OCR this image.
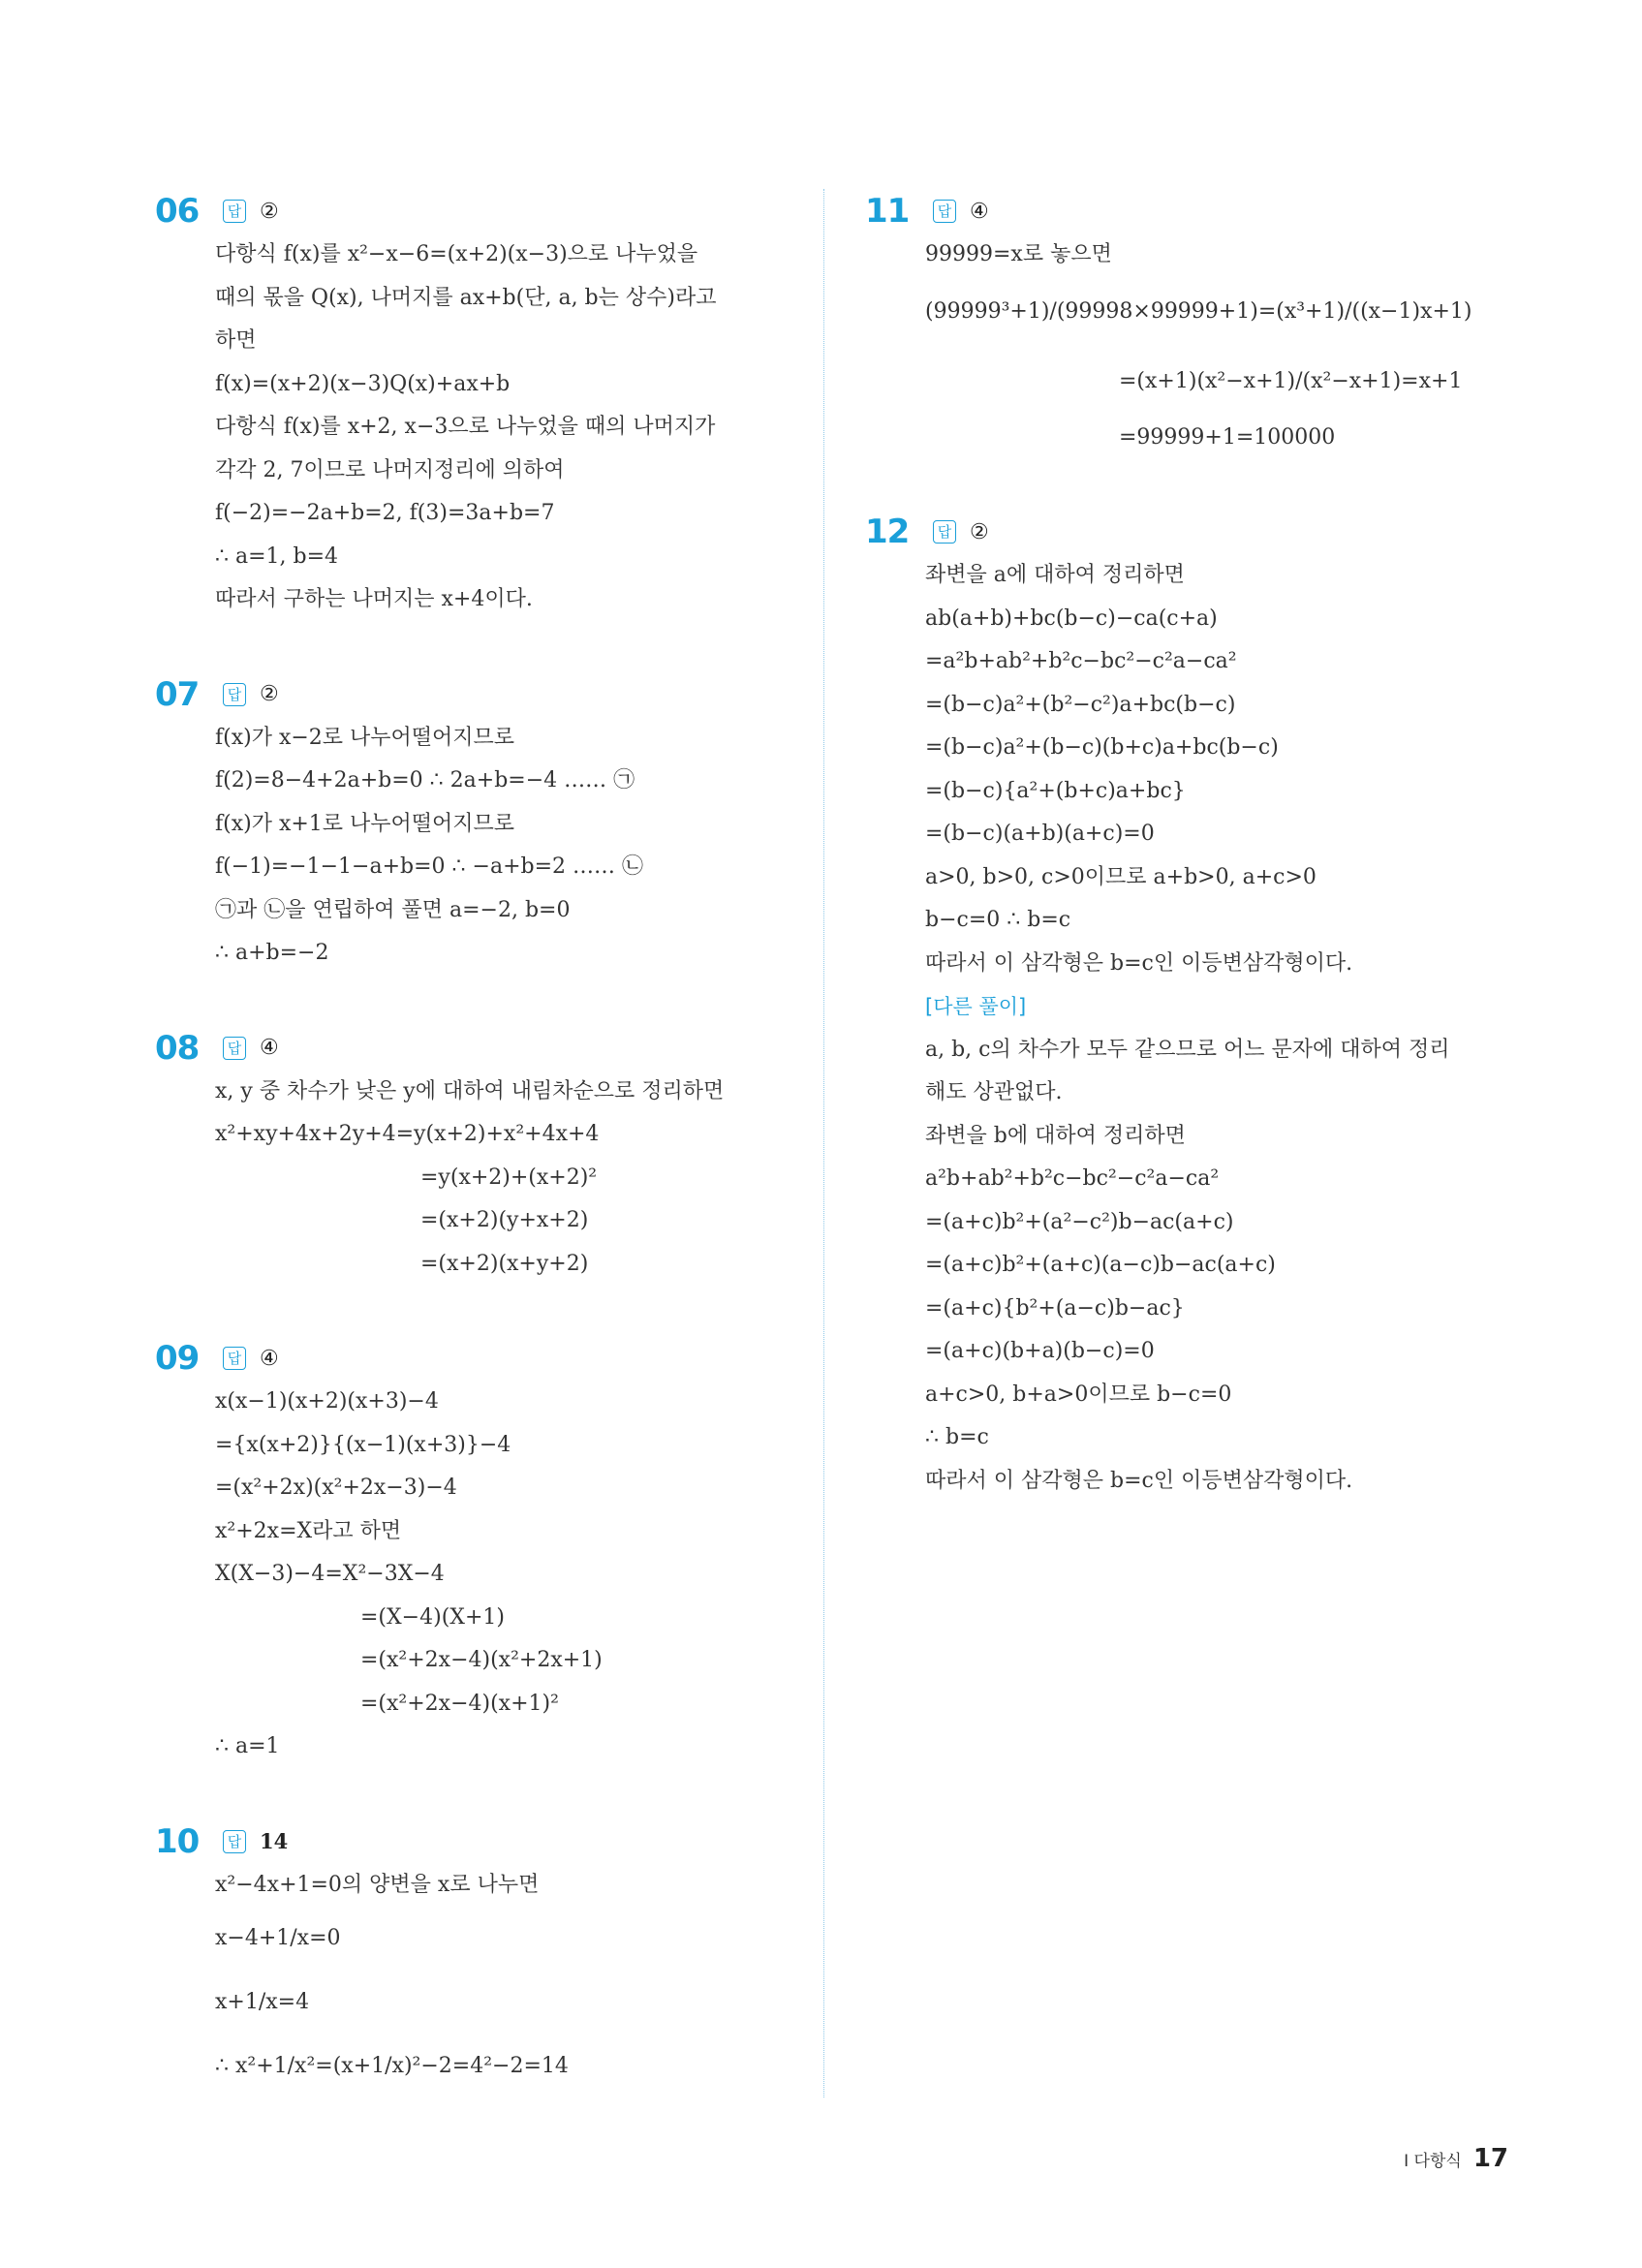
06	답 ②
다항식 f(x)를 x²−x−6=(x+2)(x−3)으로 나누었을
때의 몫을 Q(x), 나머지를 ax+b(단, a, b는 상수)라고
하면
f(x)=(x+2)(x−3)Q(x)+ax+b
다항식 f(x)를 x+2, x−3으로 나누었을 때의 나머지가
각각 2, 7이므로 나머지정리에 의하여
f(−2)=−2a+b=2, f(3)=3a+b=7
∴ a=1, b=4
따라서 구하는 나머지는 x+4이다.
07	답 ②
f(x)가 x−2로 나누어떨어지므로
f(2)=8−4+2a+b=0 ∴ 2a+b=−4 …… ㉠
f(x)가 x+1로 나누어떨어지므로
f(−1)=−1−1−a+b=0 ∴ −a+b=2 …… ㉡
㉠과 ㉡을 연립하여 풀면 a=−2, b=0
∴ a+b=−2
08	답 ④
x, y 중 차수가 낮은 y에 대하여 내림차순으로 정리하면
x²+xy+4x+2y+4=y(x+2)+x²+4x+4
=y(x+2)+(x+2)²
=(x+2)(y+x+2)
=(x+2)(x+y+2)
09	답 ④
x(x−1)(x+2)(x+3)−4
={x(x+2)}{(x−1)(x+3)}−4
=(x²+2x)(x²+2x−3)−4
x²+2x=X라고 하면
X(X−3)−4=X²−3X−4
=(X−4)(X+1)
=(x²+2x−4)(x²+2x+1)
=(x²+2x−4)(x+1)²
∴ a=1
10	답 14
x²−4x+1=0의 양변을 x로 나누면
x−4+1/x=0
x+1/x=4
∴ x²+1/x²=(x+1/x)²−2=4²−2=14
11	답 ④
99999=x로 놓으면
(99999³+1)/(99998×99999+1)=(x³+1)/((x−1)x+1)
=(x+1)(x²−x+1)/(x²−x+1)=x+1
=99999+1=100000
12	답 ②
좌변을 a에 대하여 정리하면
ab(a+b)+bc(b−c)−ca(c+a)
=a²b+ab²+b²c−bc²−c²a−ca²
=(b−c)a²+(b²−c²)a+bc(b−c)
=(b−c)a²+(b−c)(b+c)a+bc(b−c)
=(b−c){a²+(b+c)a+bc}
=(b−c)(a+b)(a+c)=0
a>0, b>0, c>0이므로 a+b>0, a+c>0
b−c=0 ∴ b=c
따라서 이 삼각형은 b=c인 이등변삼각형이다.
[다른 풀이]
a, b, c의 차수가 모두 같으므로 어느 문자에 대하여 정리
해도 상관없다.
좌변을 b에 대하여 정리하면
a²b+ab²+b²c−bc²−c²a−ca²
=(a+c)b²+(a²−c²)b−ac(a+c)
=(a+c)b²+(a+c)(a−c)b−ac(a+c)
=(a+c){b²+(a−c)b−ac}
=(a+c)(b+a)(b−c)=0
a+c>0, b+a>0이므로 b−c=0
∴ b=c
따라서 이 삼각형은 b=c인 이등변삼각형이다.
Ⅰ 다항식 17
